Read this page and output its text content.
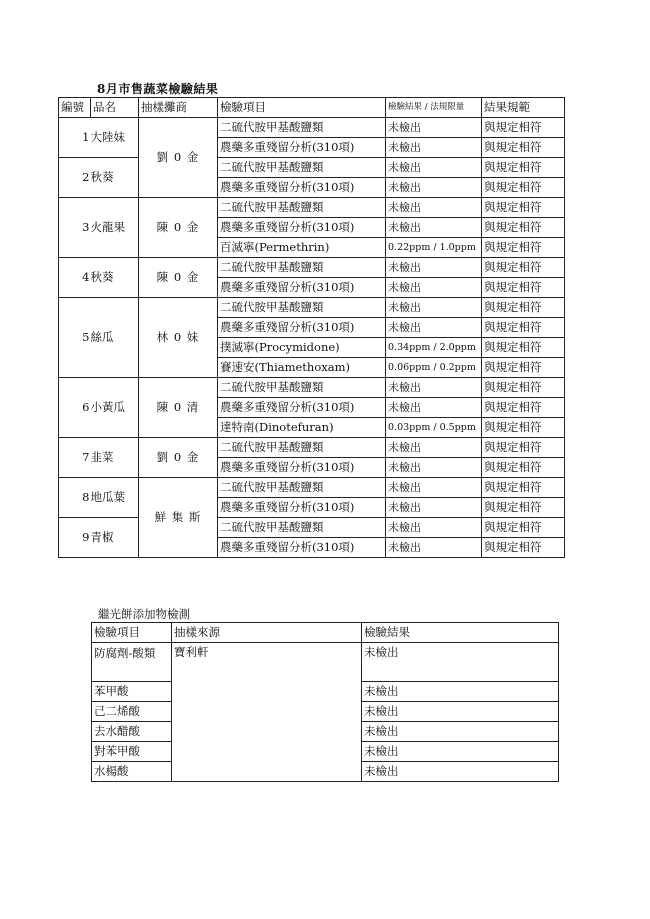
8月市售蔬菜檢驗結果
編號	品名	抽樣攤商	檢驗項目	檢驗結果 / 法規限量	結果規範
1	大陸妹	劉 0 金	二硫代胺甲基酸鹽類	未檢出	與規定相符
			農藥多重殘留分析(310項)	未檢出	與規定相符
2	秋葵		二硫代胺甲基酸鹽類	未檢出	與規定相符
			農藥多重殘留分析(310項)	未檢出	與規定相符
3	火龍果	陳 0 金	二硫代胺甲基酸鹽類	未檢出	與規定相符
			農藥多重殘留分析(310項)	未檢出	與規定相符
			百滅寧(Permethrin)	0.22ppm / 1.0ppm	與規定相符
4	秋葵	陳 0 金	二硫代胺甲基酸鹽類	未檢出	與規定相符
			農藥多重殘留分析(310項)	未檢出	與規定相符
5	絲瓜	林 0 妹	二硫代胺甲基酸鹽類	未檢出	與規定相符
			農藥多重殘留分析(310項)	未檢出	與規定相符
			撲滅寧(Procymidone)	0.34ppm / 2.0ppm	與規定相符
			賽速安(Thiamethoxam)	0.06ppm / 0.2ppm	與規定相符
6	小黃瓜	陳 0 清	二硫代胺甲基酸鹽類	未檢出	與規定相符
			農藥多重殘留分析(310項)	未檢出	與規定相符
			達特南(Dinotefuran)	0.03ppm / 0.5ppm	與規定相符
7	韭菜	劉 0 金	二硫代胺甲基酸鹽類	未檢出	與規定相符
			農藥多重殘留分析(310項)	未檢出	與規定相符
8	地瓜葉	鮮 集 斯	二硫代胺甲基酸鹽類	未檢出	與規定相符
			農藥多重殘留分析(310項)	未檢出	與規定相符
9	青椒		二硫代胺甲基酸鹽類	未檢出	與規定相符
			農藥多重殘留分析(310項)	未檢出	與規定相符
繼光餅添加物檢測
檢驗項目	抽樣來源	檢驗結果
防腐劑-酸類	寶利軒	未檢出
苯甲酸		未檢出
己二烯酸		未檢出
去水醋酸		未檢出
對苯甲酸		未檢出
水楊酸		未檢出
